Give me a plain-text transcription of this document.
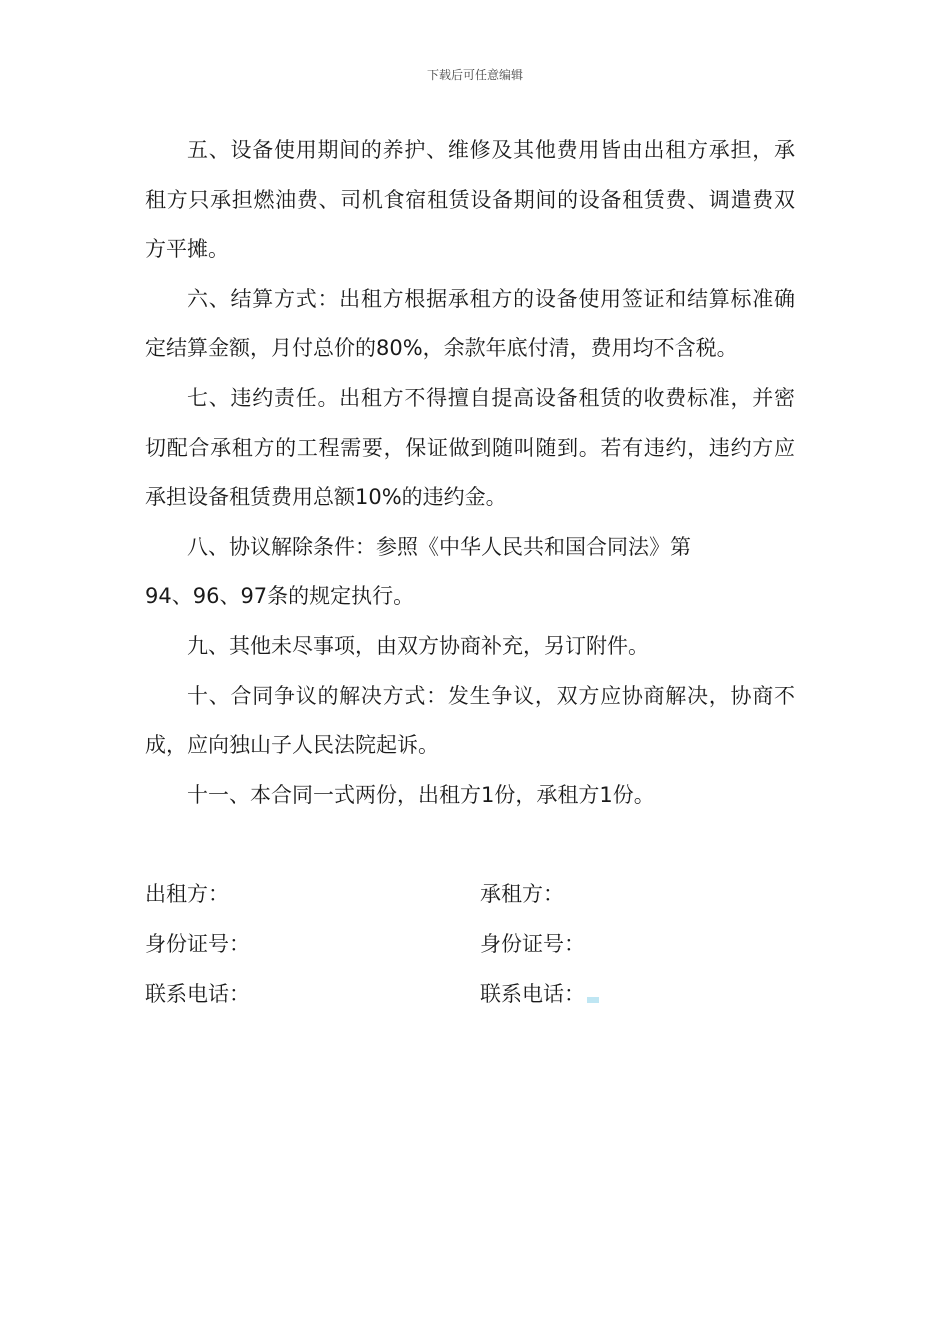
下载后可任意编辑

五、设备使用期间的养护、维修及其他费用皆由出租方承担，承租方只承担燃油费、司机食宿租赁设备期间的设备租赁费、调遣费双方平摊。

六、结算方式：出租方根据承租方的设备使用签证和结算标准确定结算金额，月付总价的80%，余款年底付清，费用均不含税。

七、违约责任。出租方不得擅自提高设备租赁的收费标准，并密切配合承租方的工程需要，保证做到随叫随到。若有违约，违约方应承担设备租赁费用总额10%的违约金。

八、协议解除条件：参照《中华人民共和国合同法》第

94、96、97条的规定执行。

九、其他未尽事项，由双方协商补充，另订附件。

十、合同争议的解决方式：发生争议，双方应协商解决，协商不成，应向独山子人民法院起诉。

十一、本合同一式两份，出租方1份，承租方1份。

出租方：	承租方：
身份证号：	身份证号：
联系电话：	联系电话：
